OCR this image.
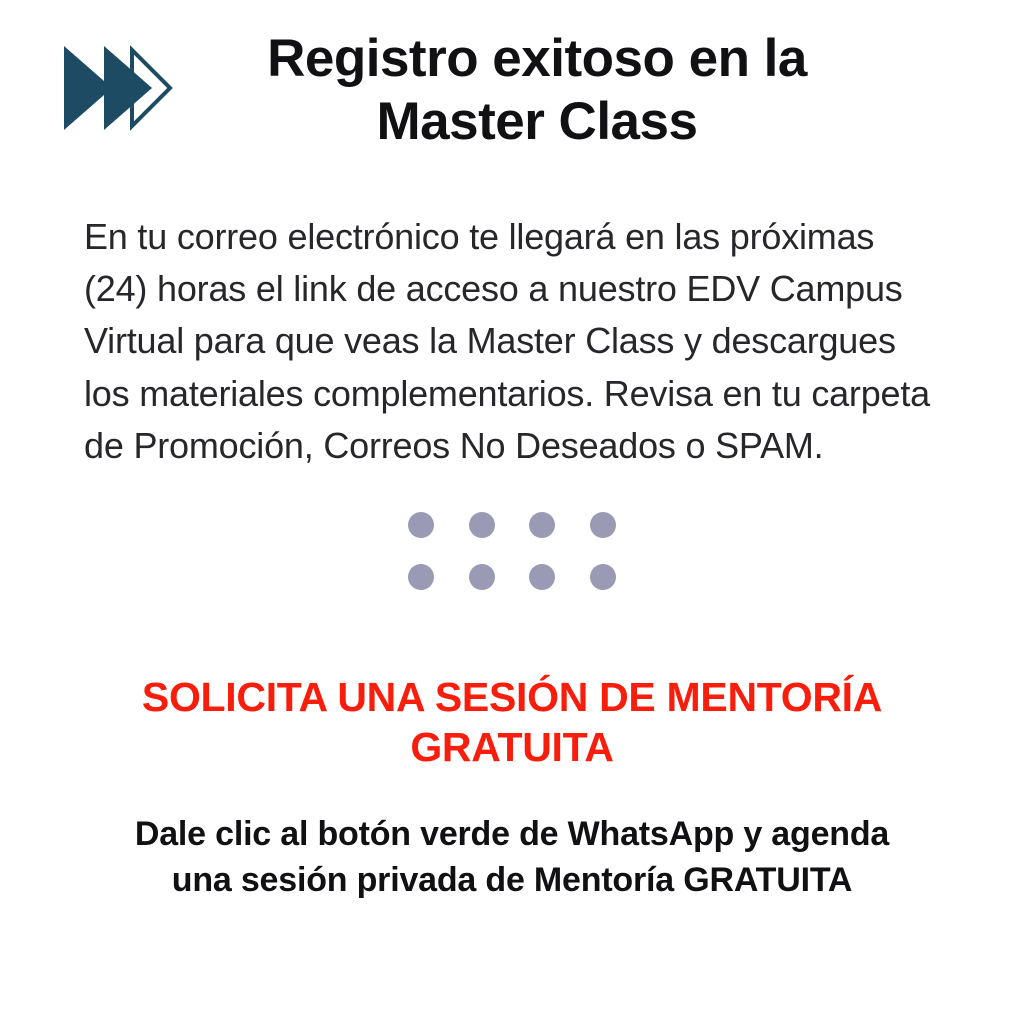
Registro exitoso en la Master Class

En tu correo electrónico te llegará en las próximas (24) horas el link de acceso a nuestro EDV Campus Virtual para que veas la Master Class y descargues los materiales complementarios. Revisa en tu carpeta de Promoción, Correos No Deseados o SPAM.

SOLICITA UNA SESIÓN DE MENTORÍA GRATUITA

Dale clic al botón verde de WhatsApp y agenda una sesión privada de Mentoría GRATUITA
